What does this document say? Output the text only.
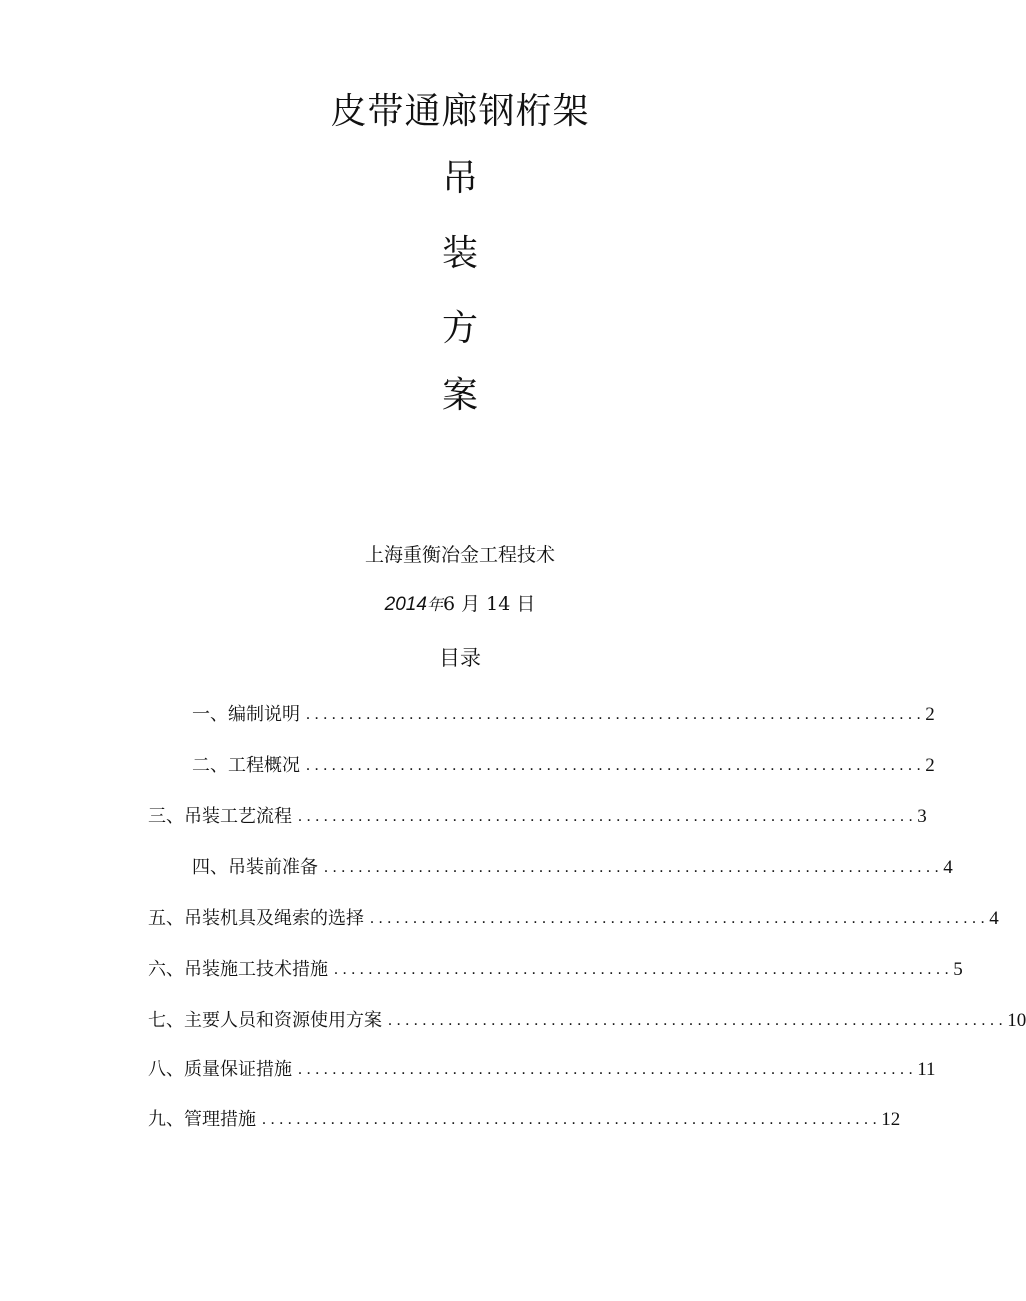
皮带通廊钢桁架
吊
装
方
案
上海重衡冶金工程技术
2014年6 月 14 日
目录
一、编制说明 ........................................................................ 2
二、工程概况 ........................................................................ 2
三、吊装工艺流程 ........................................................................ 3
四、吊装前准备 ........................................................................ 4
五、吊装机具及绳索的选择 ........................................................................ 4
六、吊装施工技术措施 ........................................................................ 5
七、主要人员和资源使用方案 ........................................................................ 10
八、质量保证措施 ........................................................................ 11
九、管理措施 ........................................................................ 12
